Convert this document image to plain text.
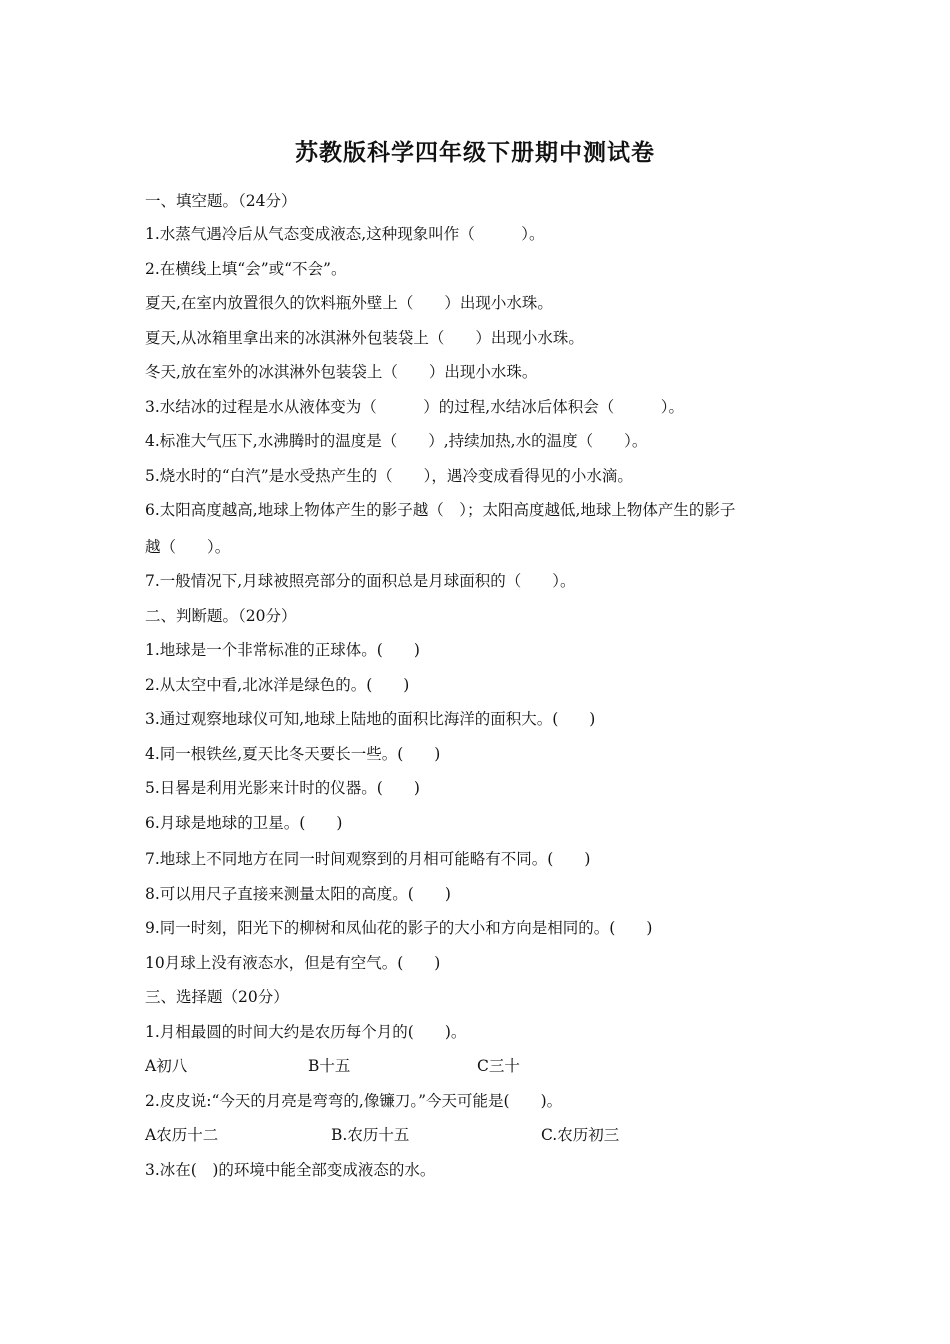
苏教版科学四年级下册期中测试卷
一、填空题。（24分）
1.水蒸气遇冷后从气态变成液态,这种现象叫作（　　　）。
2.在横线上填“会”或“不会”。
夏天,在室内放置很久的饮料瓶外壁上（　　）出现小水珠。
夏天,从冰箱里拿出来的冰淇淋外包装袋上（　　）出现小水珠。
冬天,放在室外的冰淇淋外包装袋上（　　）出现小水珠。
3.水结冰的过程是水从液体变为（　　　）的过程,水结冰后体积会（　　　）。
4.标准大气压下,水沸腾时的温度是（　　）,持续加热,水的温度（　　）。
5.烧水时的“白汽”是水受热产生的（　　），遇冷变成看得见的小水滴。
6.太阳高度越高,地球上物体产生的影子越（　）；太阳高度越低,地球上物体产生的影子
越（　　）。
7.一般情况下,月球被照亮部分的面积总是月球面积的（　　）。
二、判断题。（20分）
1.地球是一个非常标准的正球体。(　　)
2.从太空中看,北冰洋是绿色的。(　　)
3.通过观察地球仪可知,地球上陆地的面积比海洋的面积大。(　　)
4.同一根铁丝,夏天比冬天要长一些。(　　)
5.日晷是利用光影来计时的仪器。(　　)
6.月球是地球的卫星。(　　)
7.地球上不同地方在同一时间观察到的月相可能略有不同。(　　)
8.可以用尺子直接来测量太阳的高度。(　　)
9.同一时刻，阳光下的柳树和凤仙花的影子的大小和方向是相同的。(　　)
10月球上没有液态水，但是有空气。(　　)
三、选择题（20分）
1.月相最圆的时间大约是农历每个月的(　　)。
A初八	B十五	C三十
2.皮皮说:“今天的月亮是弯弯的,像镰刀。”今天可能是(　　)。
A农历十二	B.农历十五	C.农历初三
3.冰在(　)的环境中能全部变成液态的水。
